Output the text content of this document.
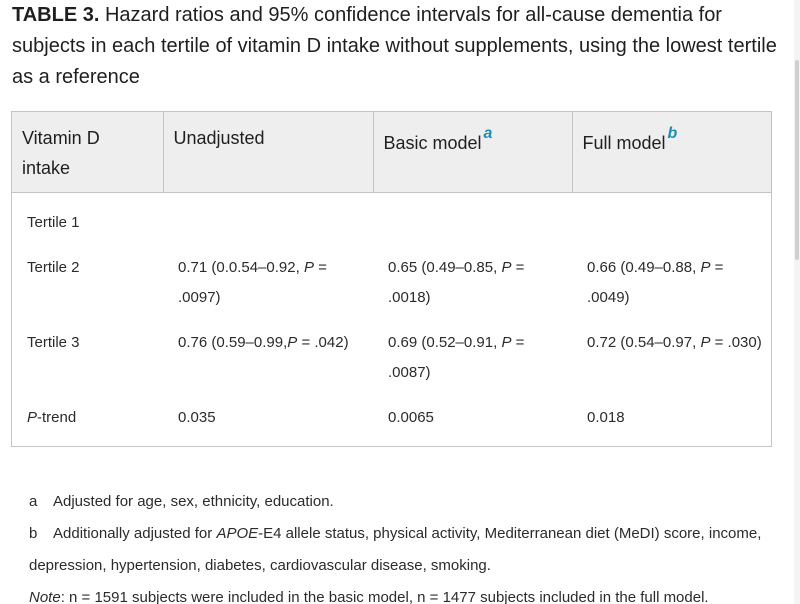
TABLE 3. Hazard ratios and 95% confidence intervals for all-cause dementia for subjects in each tertile of vitamin D intake without supplements, using the lowest tertile as a reference
Vitamin D
intake	Unadjusted	Basic model $^a$	Full model $^b$

Tertile 1			
Tertile 2	0.71 (0.0.54–0.92, P = .0097)	0.65 (0.49–0.85, P = .0018)	0.66 (0.49–0.88, P = .0049)
Tertile 3	0.76 (0.59–0.99,P = .042)	0.69 (0.52–0.91, P = .0087)	0.72 (0.54–0.97, P = .030)
P-trend	0.035	0.0065	0.018
a Adjusted for age, sex, ethnicity, education.
b Additionally adjusted for APOE-E4 allele status, physical activity, Mediterranean diet (MeDI) score, income, depression, hypertension, diabetes, cardiovascular disease, smoking.
Note: n = 1591 subjects were included in the basic model, n = 1477 subjects included in the full model.
